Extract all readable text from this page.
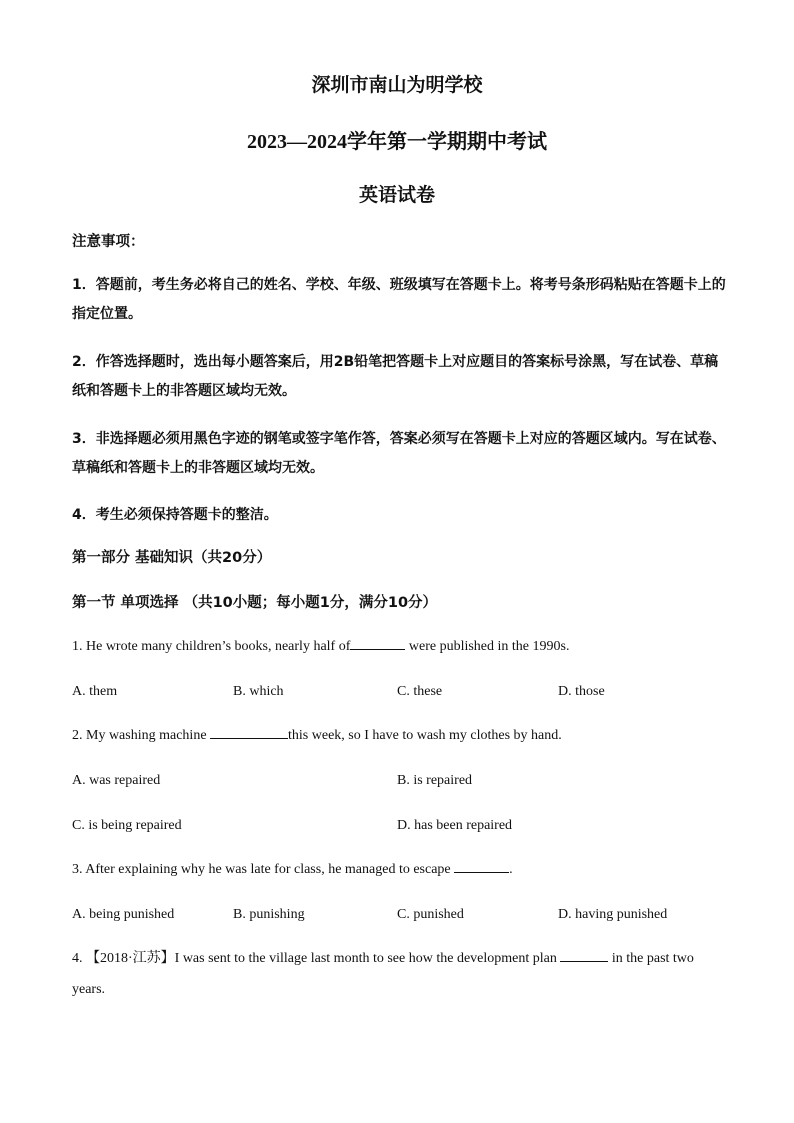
深圳市南山为明学校
2023—2024学年第一学期期中考试
英语试卷
注意事项：
1．答题前，考生务必将自己的姓名、学校、年级、班级填写在答题卡上。将考号条形码粘贴在答题卡上的指定位置。
2．作答选择题时，选出每小题答案后，用2B铅笔把答题卡上对应题目的答案标号涂黑，写在试卷、草稿纸和答题卡上的非答题区域均无效。
3．非选择题必须用黑色字迹的钢笔或签字笔作答，答案必须写在答题卡上对应的答题区域内。写在试卷、草稿纸和答题卡上的非答题区域均无效。
4．考生必须保持答题卡的整洁。
第一部分 基础知识（共20分）
第一节 单项选择 （共10小题；每小题1分，满分10分）
1. He wrote many children’s books, nearly half of	were published in the 1990s.
A. them	B. which	C. these	D. those
2. My washing machine	this week, so I have to wash my clothes by hand.
A. was repaired	B. is repaired
C. is being repaired	D. has been repaired
3. After explaining why he was late for class, he managed to escape	.
A. being punished	B. punishing	C. punished	D. having punished
4. 【2018·江苏】I was sent to the village last month to see how the development plan	in the past two years.
